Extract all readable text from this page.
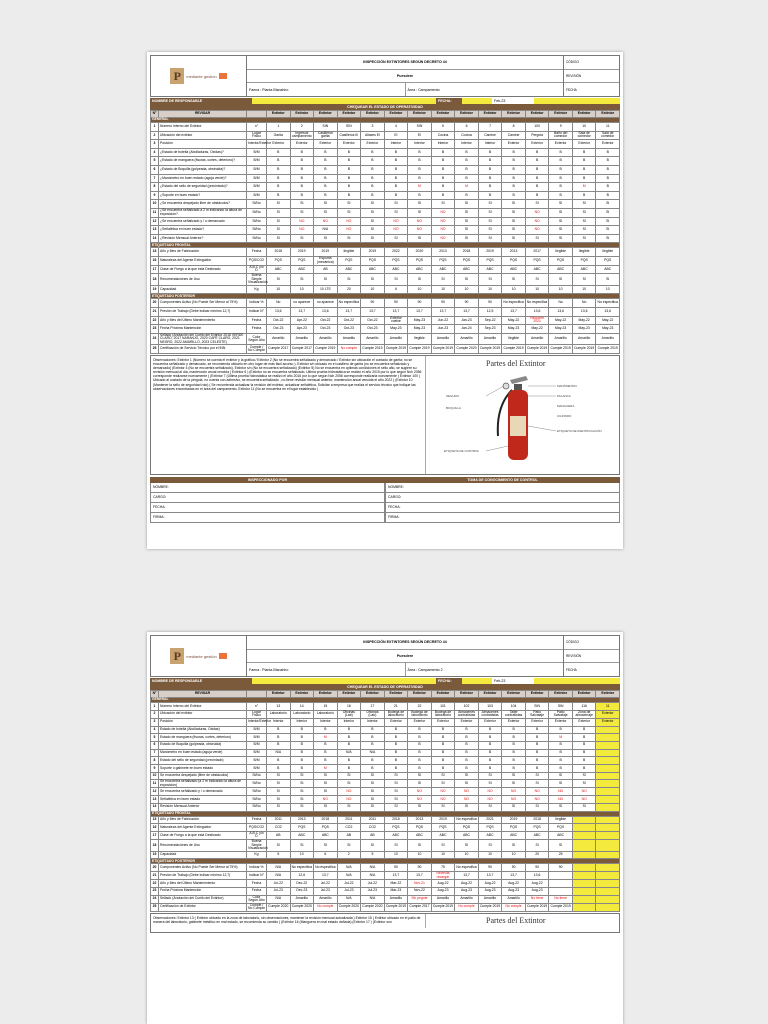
P	mediante gestión
INSPECCIÓN EXTINTORES SEGÚN DECRETO 44
Puesdere
Faena : Planta Bisnahiro	Área : Campamento
CÓDIGO
REVISIÓN
FECHA
NOMBRE DE RESPONSABLE	FECHA:	Feb-23
CHEQUEAR EL ESTADO DE OPERATIVIDAD
N°	REVISAR		Extintor	Extintor	Extintor	Extintor	Extintor	Extintor	Extintor	Extintor	Extintor	Extintor	Extintor	Extintor	Extintor	Extintor	Extintor
GENERAL																	
1	Número Interno del Extintor	n°	1	2	SIN	SIN	3	4	SIN	5	6	7	8	100	9	10	11
2	Ubicación del extintor	Lugar Físico	Garita	Ingresos campamento	Casilleros garita	Casilleros III	Aliaxes El	El	El	Cocina	Cocina	Camine	Camine	Pergola	Baño del comedor	Sala de comedor	Sala de comedor
3	Posición	Interior/Exterior	Exterior	Exterior	Exterior	Exterior	Exterior	Interior	Interior	Interior	Interior	Interior	Exterior	Exterior	Exterior	Exterior	Exterior
4	¿Estado de botella (Abolladuras, Oxidas)?	B/M	B	B	B	B	B	B	B	B	B	B	B	B	B	B	B
5	¿Estado de manguera (fisuras, cortes, deterioro)?	B/M	B	B	B	B	B	B	B	B	B	B	B	B	B	B	B
6	¿Estado de Boquilla (golpeada, obstruida)?	B/M	B	B	B	B	B	B	B	B	B	B	B	B	B	B	B
7	¿Manómetro en buen estado (aguja verde)?	B/M	B	B	B	B	B	B	B	B	B	B	B	B	B	B	B
8	¿Estado del sello de seguridad (precintado)?	B/M	B	B	B	B	B	B	M	B	M	B	B	B	B	M	B
9	¿Soporte en buen estado?	B/M	B	B	B	B	B	B	B	B	B	B	B	B	B	B	B
10	¿Se encuentra despejado libre de obstáculos?	Si/No	SI	SI	SI	SI	SI	SI	SI	SI	SI	SI	SI	SI	SI	SI	SI
11	¿Se encuentra señalizado a 2 m indicando la altura de exposición?	Si/No	SI	SI	SI	SI	SI	SI	SI	NO	SI	SI	SI	NO	SI	SI	SI
12	¿Se encuentra señalizado y / o demarcado	Si/No	SI	NO	NO	NO	SI	NO	NO	NO	SI	SI	SI	NO	SI	SI	SI
13	¿Señalética en buen estado?	Si/No	SI	NO	N/A	NO	SI	NO	NO	NO	SI	SI	SI	NO	SI	SI	SI
14	¿Revisión Mensual Anterior?	Si/No	SI	SI	SI	SI	SI	SI	SI	NO	SI	SI	SI	SI	SI	SI	SI
ETIQUETADO FRONTAL																	
15	Año y Mes de Fabricación	Fecha	2018	2019	2019	Ilegible	2019	2022	2020	2013	2018	2019	2013	2017	Ilegible	Ilegible	Ilegible
16	Naturaleza del Agente Extinguidor	PQS/CO2	PQS	PQS	Espuma (mecánica)	PQS	PQS	PQS	PQS	PQS	PQS	PQS	PQS	PQS	PQS	PQS	PQS
17	Clase de Fuego a la que está Destinado	A,B,C y/o D	ABC	ABC	AB	ABC	ABC	ABC	ABC	ABC	ABC	ABC	ABC	ABC	ABC	ABC	ABC
18	Recomendaciones de Uso	Buena Simple Visualización	SI	SI	SI	SI	SI	SI	SI	SI	SI	SI	SI	SI	SI	SI	SI
19	Capacidad	Kg	10	10	10 LTS	20	10	6	10	10	10	10	10	10	10	10	10
ETIQUETADO POSTERIOR																	
20	Componentes Activo (No Puede Ser Menor al 75%)	Indicar %	No	no aparece	no aparece	No especifica	90	90	90	90	90	90	No especifica	No especifica	No	No	No especifica
21	Presión de Trabajo (Debe indicar mínimo 12,7)	Indicar N°	13,6	13,7	13,6	13,7	13,7	13,7	13,7	13,7	13,7	12,5	13,7	13,6	13,6	13,6	13,6
22	Año y Mes del Último Mantenimiento	Fecha	Oct-22	Apr-22	Oct-22	Oct-22	Oct-22	Exterior vuelve	May-23	Jun-22	Jan-23	Sep-22	May-22	Requiere 2021	May-22	May-22	May-22
23	Fecha Próxima Mantención	Fecha	Oct-23	Apr-23	Oct-23	Oct-23	Oct-23	May-23	May-23	Jun-23	Jan-24	Sep-23	May-23	May-22	May-23	May-23	May-23
24	Sellado (Anotación del Cuello del Extintor 2016 VERDE CLARO, 2017 NARANJO, 2020 CAFÉ CLARO, 2021 NEGRO, 2022 AMARILLO, 2023 CELESTE)	Color Según Año	Amarillo	Amarillo	Amarillo	Amarillo	Amarillo	Amarillo	Ilegible	Amarillo	Amarillo	Amarillo	Ilegible	Amarillo	Amarillo	Amarillo	Amarillo
25	Certificación de Servicio Técnico por el INN	Cumple / No Cumple	Cumple 2017	Cumple 2017	Cumple 2019	No cumple	Cumple 2019	Cumple 2019	Cumple 2019	Cumple 2019	Cumple 2020	Cumple 2019	Cumple 2019	Cumple 2019	Cumple 2019	Cumple 2019	Cumple 2019
Observaciones: Extintor 1 (Número se cuenta el extintor y la gráfica / Extintor 2 (No se encuentra señalizado y demarcado / Extintor sin ubicación el contado de garita; no se encuentra señalizado y demarcado, se recomienda ubicarlo en otro lugar de más fácil acceso ). Extintor s/n ubicado en el casillero de garita (no se encuentra señalizado y demarcado) (Extintor 4 (No se encuentra señalizado). Extintor s/n (No se encuentra señalizado) (Extintor 5) No se encuentra en optimas condiciones el sello afio, se sugiere su revisión mensual al día, mantención anual vencida ( Extintor 6 ) (Extintor no se encuentra señalizado. Ultima prueba hidrostática se realizó el año 2015 por lo que según Nch 2056 corresponde realizarse nuevamente ) (Extintor 7 (Última prueba hidrostática se realizó el año 2016 por lo que según Nch 2056 corresponde realizarla nuevamente ) Extintor 100 ( Ubicado al costado de la pérgola, no cuenta con adhesivo, se encuentra señalizado , no tiene revisión mensual anterior, mantención anual vencida el año 2022 ) (Extintor 10 (Mantener la sello de seguridad roto) ( Se recomienda actualizar la revisión del extintor, actualizar señalética, Solicitar a empresa que realiza el servicio técnico que indique las observaciones encontradas en el área del campamento. Extintor 11 (No se encuentra en el lugar establecido )
Partes del Extintor
MANÓMETRO
PALANCA
SEGURO
MANGUERA
BOQUILLA
CILINDRO
ETIQUETA DE IDENTIFICACIÓN
ETIQUETA DE CONTROL
INSPECCIONADO POR
NOMBRE:
CARGO:
FECHA:
FIRMA:
TOMA DE CONOCIMIENTO DE CONTROL
NOMBRE:
CARGO:
FECHA:
FIRMA:
P	mediante gestión
INSPECCIÓN EXTINTORES SEGÚN DECRETO 44
Puesdere
Faena : Planta Bisnahiro	Área : Campamento 2
CÓDIGO
REVISIÓN
FECHA
NOMBRE DE RESPONSABLE	FECHA:	Feb-23
CHEQUEAR EL ESTADO DE OPERATIVIDAD
N°	REVISAR		Extintor	Extintor	Extintor	Extintor	Extintor	Extintor	Extintor	Extintor	Extintor	Extintor	Extintor	Extintor	Extintor	Extintor	Extintor
GENERAL																	
1	Número Interno del Extintor	n°	13	14	15	16	17	21	22	101	102	103	104	SIN	SIN	116	11
2	Ubicación del extintor	Lugar Físico	Laboratorio	Laboratorio	Laboratorio	Oficinas (Lab)	Oficinas (Lab)	Bodega de laboratorio	Bodega de laboratorio	Bodega de laboratorio	Almacenes contratistas	Almacenes contratistas	Taller contratistas	Patio Salvataje	Patio Salvataje	Zona de almacenaje	Exterior
3	Posición	Interior/Exterior	Interior	Interior	Interior	Interior	Interior	Exterior	Exterior	Exterior	Exterior	Exterior	Exterior	Exterior	Exterior	Exterior	Exterior
4	Estado de botella (Abolladuras, Oxidas)	B/M	B	B	B	B	B	B	B	B	B	B	B	B	B	B	
5	Estado de manguera (fisuras, cortes, deterioro)	B/M	B	B	M	B	B	B	B	B	B	B	B	B	M	B	
6	Estado de Boquilla (golpeada, obstruida)	B/M	B	B	B	B	B	B	B	B	B	B	B	B	B	B	
7	Manómetro en buen estado (aguja verde)	B/M	N/A	B	B	N/A	N/A	B	B	B	B	B	B	B	B	B	
8	Estado del sello de seguridad (precintado)	B/M	B	B	B	B	B	B	B	B	B	B	B	B	B	B	
9	Soporte o gabinete en buen estado	B/M	B	B	M	B	B	B	B	B	B	B	B	B	B	B	
10	Se encuentra despejado (libre de obstáculos)	Si/No	SI	SI	SI	SI	SI	SI	SI	SI	SI	SI	SI	SI	SI	SI	
11	Se encuentra señalizado (a 2 m indicando la altura de exposición)	Si/No	SI	SI	SI	SI	SI	SI	SI	SI	SI	SI	SI	SI	SI	SI	
12	Se encuentra señalizado y / o demarcado	Si/No	SI	SI	SI	NO	SI	SI	NO	NO	NO	NO	NO	NO	NO	NO	
13	Señalética en buen estado	Si/No	SI	SI	NO	NO	SI	SI	NO	NO	NO	NO	NO	NO	NO	NO	
14	Revisión Mensual Anterior	Si/No	SI	SI	SI	SI	SI	SI	SI	SI	SI	SI	SI	SI	SI	SI	
ETIQUETADO FRONTAL																	
15	Año y Mes de Fabricación	Fecha	2011	2013	2018	2011	2011	2018	2013	2019	No especifica	2021	2019	2018	Ilegible		
16	Naturaleza del Agente Extinguidor	PQS/CO2	CO2	PQS	PQS	CO2	CO2	PQS	PQS	PQS	PQS	PQS	PQS	PQS	PQS		
17	Clase de Fuego a la que está Destinado	A,B,C y/o D	AB	ABC	ABC	AB	AB	ABC	ABC	ABC	ABC	ABC	ABC	ABC	ABC		
18	Recomendaciones de Uso	Buena Simple Visualización	SI	SI	SI	SI	SI	SI	SI	SI	SI	SI	SI	SI	SI		
19	Capacidad	Kg	5	10	6	2	5	10	10	10	10	10	10	20	25		
ETIQUETADO POSTERIOR																	
20	Componentes Activo (No Puede Ser Menor al 75%)	Indicar %	N/A	No especifica	No especifica	N/A	N/A	90	90	75	No especifica	90	90	90	90		
21	Presión de Trabajo (Debe indicar mínimo 12,7)	Indicar N°	N/A	12,6	13,7	N/A	N/A	13,7	13,7	Necesita recargar	13,7	13,7	13,7	13,6			
22	Año y Mes del Último Mantenimiento	Fecha	Jul-22	Dec-22	Jul-22	Jul-22	Jul-22	Mar-22	Nov-21	Aug-22	Aug-22	Aug-22	Aug-22	Aug-22			
23	Fecha Próxima Mantención	Fecha	Jul-23	Dec-23	Jul-23	Jul-23	Jul-23	Mar-23	Nov-22	Aug-23	Aug-23	Aug-23	Aug-23	Aug-23			
24	Sellado (Anotación del Cuello del Extintor)	Color Según Año	N/A	Amarillo	Amarillo	N/A	N/A	Amarillo	Sin pegote	Amarillo	Amarillo	Amarillo	Amarillo	No tiene	No tiene		
25	Certificación de Extintor	Cumple / No Cumple	Cumple 2020	Cumple 2020	No cumple	Cumple 2020	Cumple 2020	Cumple 2019	Cumple 2017	Cumple 2019	No cumple	Cumple 2019	No cumple	Cumple 2019	Cumple 2019		
Observaciones: Extintor 13 ( Extintor ubicado en la zona de laboratorio, sin observaciones, mantener la revisión mensual actualizada ) Extintor 15 ( Extintor ubicado en el patio de manera del laboratorio, gabinete metálico en mal estado, se recomienda su cambio ) (Extintor 16 (Manguera en mal estado dañada) (Extintor 17 ) (Extintor son	Partes del Extintor
